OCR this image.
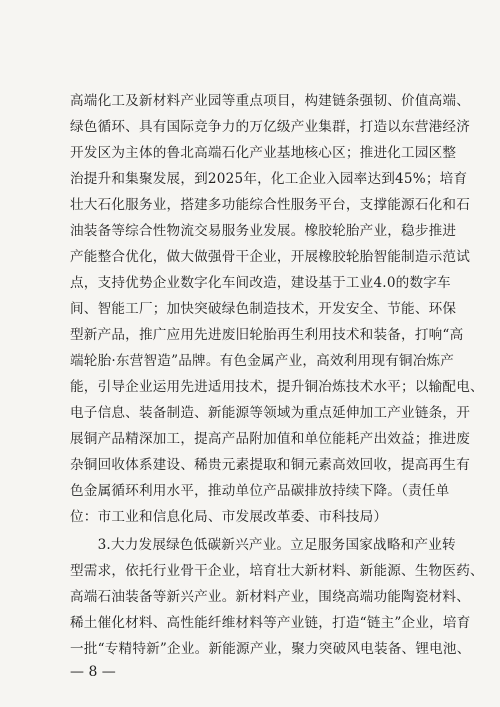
高端化工及新材料产业园等重点项目，构建链条强韧、价值高端、
绿色循环、具有国际竞争力的万亿级产业集群，打造以东营港经济
开发区为主体的鲁北高端石化产业基地核心区；推进化工园区整
治提升和集聚发展，到2025年，化工企业入园率达到45%；培育
壮大石化服务业，搭建多功能综合性服务平台，支撑能源石化和石
油装备等综合性物流交易服务业发展。橡胶轮胎产业，稳步推进
产能整合优化，做大做强骨干企业，开展橡胶轮胎智能制造示范试
点，支持优势企业数字化车间改造，建设基于工业4.0的数字车
间、智能工厂；加快突破绿色制造技术，开发安全、节能、环保
型新产品，推广应用先进废旧轮胎再生利用技术和装备，打响“高
端轮胎·东营智造”品牌。有色金属产业，高效利用现有铜冶炼产
能，引导企业运用先进适用技术，提升铜冶炼技术水平；以输配电、
电子信息、装备制造、新能源等领域为重点延伸加工产业链条，开
展铜产品精深加工，提高产品附加值和单位能耗产出效益；推进废
杂铜回收体系建设、稀贵元素提取和铜元素高效回收，提高再生有
色金属循环利用水平，推动单位产品碳排放持续下降。（责任单
位：市工业和信息化局、市发展改革委、市科技局）
　　3.大力发展绿色低碳新兴产业。立足服务国家战略和产业转
型需求，依托行业骨干企业，培育壮大新材料、新能源、生物医药、
高端石油装备等新兴产业。新材料产业，围绕高端功能陶瓷材料、
稀土催化材料、高性能纤维材料等产业链，打造“链主”企业，培育
一批“专精特新”企业。新能源产业，聚力突破风电装备、锂电池、
— 8 —
